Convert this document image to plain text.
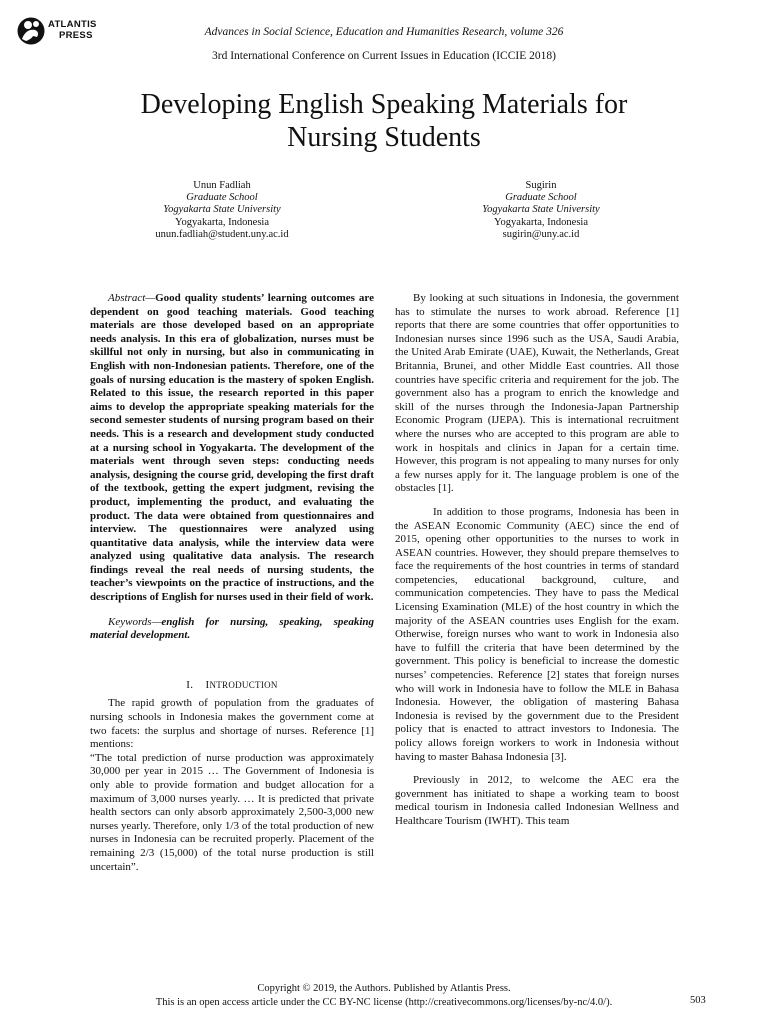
ATLANTIS
PRESS	Advances in Social Science, Education and Humanities Research, volume 326
3rd International Conference on Current Issues in Education (ICCIE 2018)
Developing English Speaking Materials for
Nursing Students
Unun Fadliah
Graduate School
Yogyakarta State University
Yogyakarta, Indonesia
unun.fadliah@student.uny.ac.id
Sugirin
Graduate School
Yogyakarta State University
Yogyakarta, Indonesia
sugirin@uny.ac.id

Abstract—Good quality students’ learning outcomes are dependent on good teaching materials. Good teaching materials are those developed based on an appropriate needs analysis. In this era of globalization, nurses must be skillful not only in nursing, but also in communicating in English with non-Indonesian patients. Therefore, one of the goals of nursing education is the mastery of spoken English. Related to this issue, the research reported in this paper aims to develop the appropriate speaking materials for the second semester students of nursing program based on their needs. This is a research and development study conducted at a nursing school in Yogyakarta. The development of the materials went through seven steps: conducting needs analysis, designing the course grid, developing the first draft of the textbook, getting the expert judgment, revising the product, implementing the product, and evaluating the product. The data were obtained from questionnaires and interview. The questionnaires were analyzed using quantitative data analysis, while the interview data were analyzed using qualitative data analysis. The research findings reveal the real needs of nursing students, the teacher’s viewpoints on the practice of instructions, and the descriptions of English for nurses used in their field of work.

Keywords—english for nursing, speaking, speaking material development.

I. INTRODUCTION

The rapid growth of population from the graduates of nursing schools in Indonesia makes the government come at two facets: the surplus and shortage of nurses. Reference [1] mentions:

“The total prediction of nurse production was approximately 30,000 per year in 2015 … The Government of Indonesia is only able to provide formation and budget allocation for a maximum of 3,000 nurses yearly. … It is predicted that private health sectors can only absorb approximately 2,500-3,000 new nurses yearly. Therefore, only 1/3 of the total production of new nurses in Indonesia can be recruited properly. Placement of the remaining 2/3 (15,000) of the total nurse production is still uncertain”.

By looking at such situations in Indonesia, the government has to stimulate the nurses to work abroad. Reference [1] reports that there are some countries that offer opportunities to Indonesian nurses since 1996 such as the USA, Saudi Arabia, the United Arab Emirate (UAE), Kuwait, the Netherlands, Great Britannia, Brunei, and other Middle East countries. All those countries have specific criteria and requirement for the job. The government also has a program to enrich the knowledge and skill of the nurses through the Indonesia-Japan Partnership Economic Program (IJEPA). This is international recruitment where the nurses who are accepted to this program are able to work in hospitals and clinics in Japan for a certain time. However, this program is not appealing to many nurses for only a few nurses apply for it. The language problem is one of the obstacles [1].

In addition to those programs, Indonesia has been in the ASEAN Economic Community (AEC) since the end of 2015, opening other opportunities to the nurses to work in ASEAN countries. However, they should prepare themselves to face the requirements of the host countries in terms of standard competencies, educational background, culture, and communication competencies. They have to pass the Medical Licensing Examination (MLE) of the host country in which the majority of the ASEAN countries uses English for the exam. Otherwise, foreign nurses who want to work in Indonesia also have to fulfill the criteria that have been determined by the government. This policy is beneficial to increase the domestic nurses’ competencies. Reference [2] states that foreign nurses who will work in Indonesia have to follow the MLE in Bahasa Indonesia. However, the obligation of mastering Bahasa Indonesia is revised by the government due to the President policy that is enacted to attract investors to Indonesia. The policy allows foreign workers to work in Indonesia without having to master Bahasa Indonesia [3].

Previously in 2012, to welcome the AEC era the government has initiated to shape a working team to boost medical tourism in Indonesia called Indonesian Wellness and Healthcare Tourism (IWHT). This team

Copyright © 2019, the Authors. Published by Atlantis Press.
This is an open access article under the CC BY-NC license (http://creativecommons.org/licenses/by-nc/4.0/).	503
